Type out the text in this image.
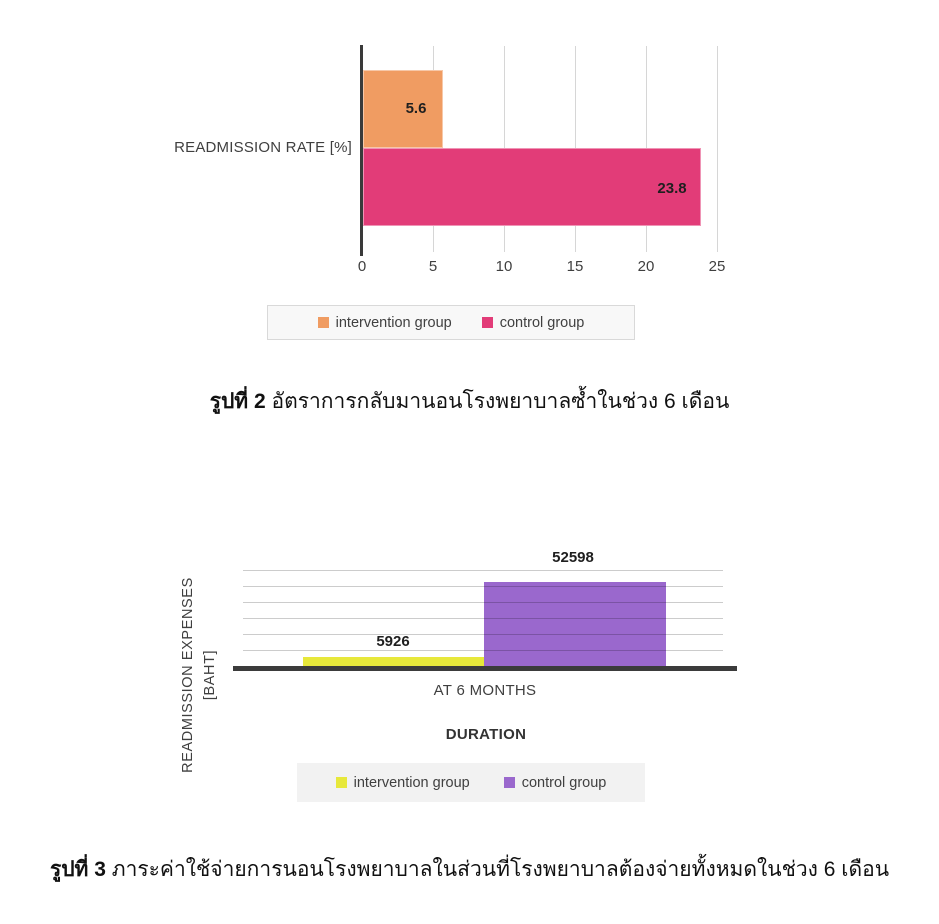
5.6
23.8
READMISSION RATE [%]
0	5	10	15	20	25
intervention group	control group
รูปที่ 2 อัตราการกลับมานอนโรงพยาบาลซ้ำในช่วง 6 เดือน
5926
52598
AT 6 MONTHS
DURATION
READMISSION EXPENSES [BAHT]
intervention group	control group
รูปที่ 3 ภาระค่าใช้จ่ายการนอนโรงพยาบาลในส่วนที่โรงพยาบาลต้องจ่ายทั้งหมดในช่วง 6 เดือน
